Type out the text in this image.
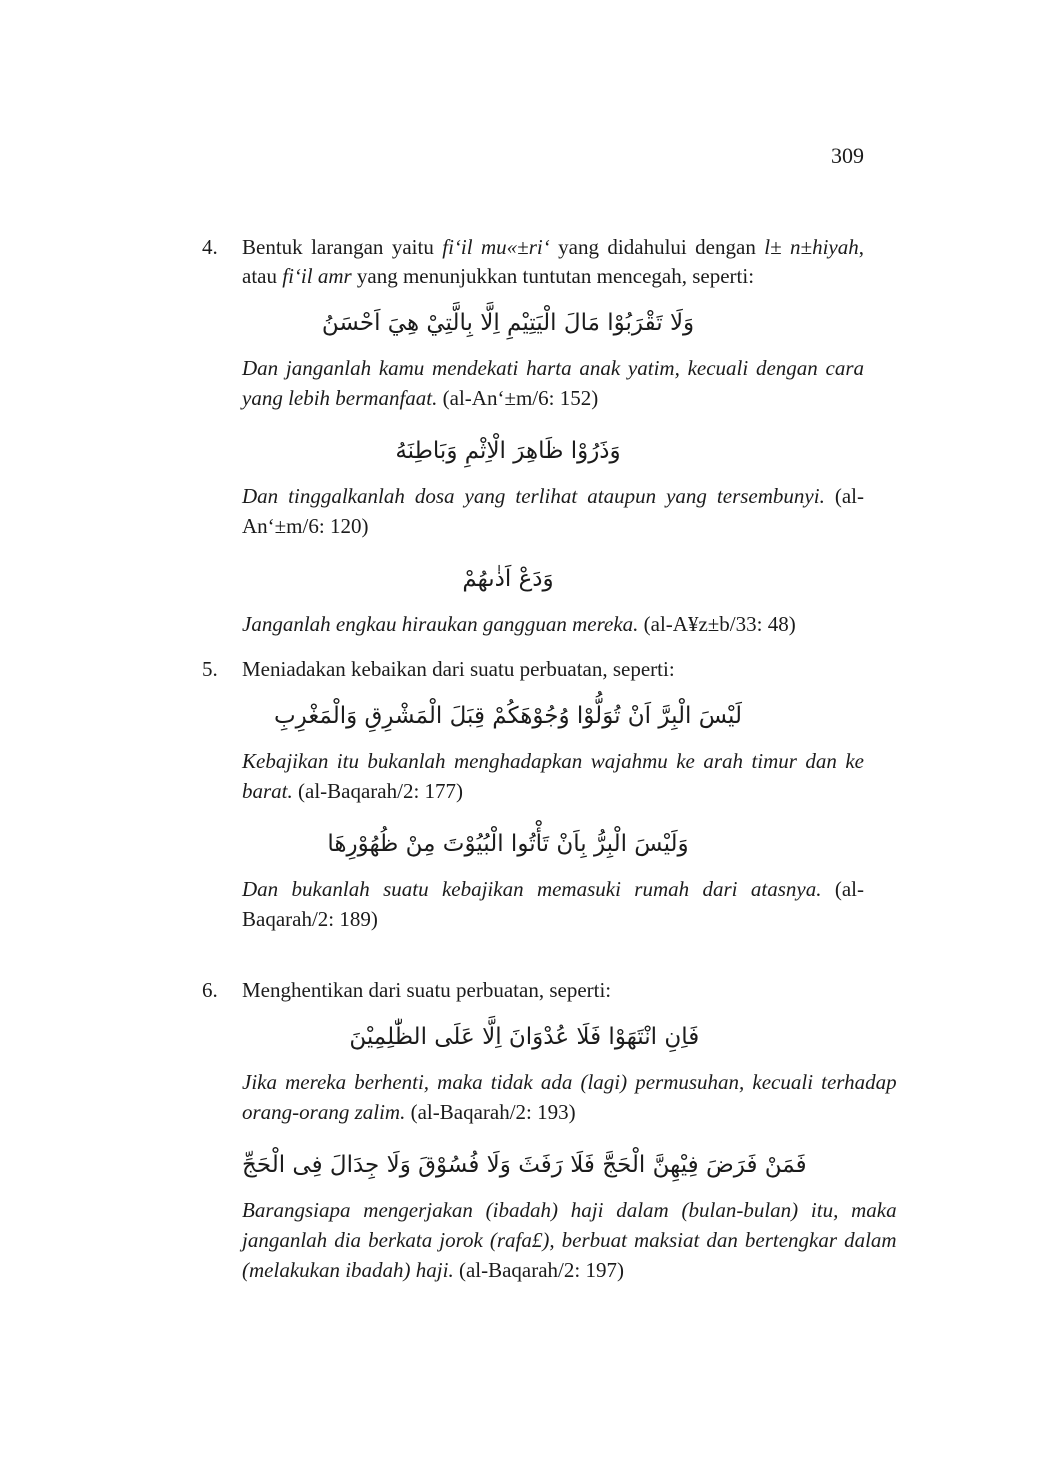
309
4.	Bentuk larangan yaitu fi‘il mu«±ri‘ yang didahului dengan l± n±hiyah, atau fi‘il amr yang menunjukkan tuntutan mencegah, seperti:

وَلَا تَقْرَبُوْا مَالَ الْيَتِيْمِ اِلَّا بِالَّتِيْ هِيَ اَحْسَنُ

Dan janganlah kamu mendekati harta anak yatim, kecuali dengan cara yang lebih bermanfaat. (al-An‘±m/6: 152)

وَذَرُوْا ظَاهِرَ الْاِثْمِ وَبَاطِنَهُ

Dan tinggalkanlah dosa yang terlihat ataupun yang tersembunyi. (al-An‘±m/6: 120)

وَدَعْ اَذٰىهُمْ

Janganlah engkau hiraukan gangguan mereka. (al-A¥z±b/33: 48)

5.	Meniadakan kebaikan dari suatu perbuatan, seperti:

لَيْسَ الْبِرَّ اَنْ تُوَلُّوْا وُجُوْهَكُمْ قِبَلَ الْمَشْرِقِ وَالْمَغْرِبِ

Kebajikan itu bukanlah menghadapkan wajahmu ke arah timur dan ke barat. (al-Baqarah/2: 177)

وَلَيْسَ الْبِرُّ بِاَنْ تَأْتُوا الْبُيُوْتَ مِنْ ظُهُوْرِهَا

Dan bukanlah suatu kebajikan memasuki rumah dari atasnya. (al-Baqarah/2: 189)

6.	Menghentikan dari suatu perbuatan, seperti:

فَاِنِ انْتَهَوْا فَلَا عُدْوَانَ اِلَّا عَلَى الظّٰلِمِيْنَ

Jika mereka berhenti, maka tidak ada (lagi) permusuhan, kecuali terhadap orang-orang zalim. (al-Baqarah/2: 193)

فَمَنْ فَرَضَ فِيْهِنَّ الْحَجَّ فَلَا رَفَثَ وَلَا فُسُوْقَ وَلَا جِدَالَ فِى الْحَجِّ

Barangsiapa mengerjakan (ibadah) haji dalam (bulan-bulan) itu, maka janganlah dia berkata jorok (rafa£), berbuat maksiat dan bertengkar dalam (melakukan ibadah) haji. (al-Baqarah/2: 197)
